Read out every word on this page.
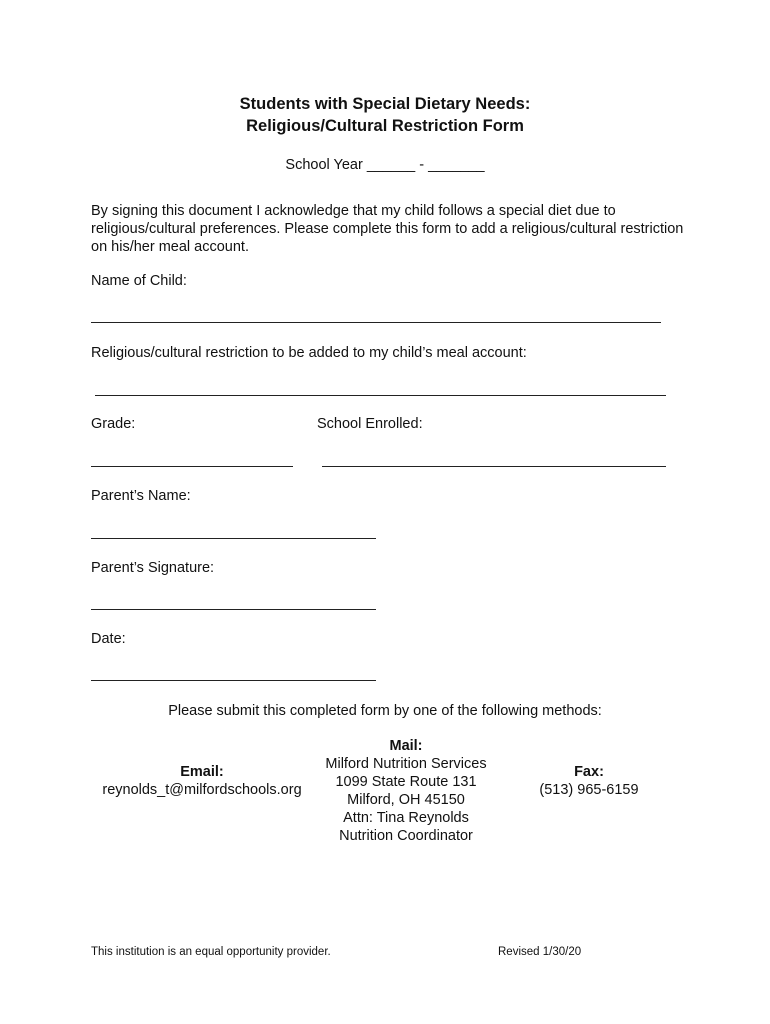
Students with Special Dietary Needs:
Religious/Cultural Restriction Form
School Year ______ - _______
By signing this document I acknowledge that my child follows a special diet due to religious/cultural preferences. Please complete this form to add a religious/cultural restriction on his/her meal account.
Name of Child:
Religious/cultural restriction to be added to my child’s meal account:
Grade:	School Enrolled:
Parent’s Name:
Parent’s Signature:
Date:
Please submit this completed form by one of the following methods:
Email:
reynolds_t@milfordschools.org
Mail:
Milford Nutrition Services
1099 State Route 131
Milford, OH 45150
Attn: Tina Reynolds
Nutrition Coordinator
Fax:
(513) 965-6159
This institution is an equal opportunity provider.	Revised 1/30/20
